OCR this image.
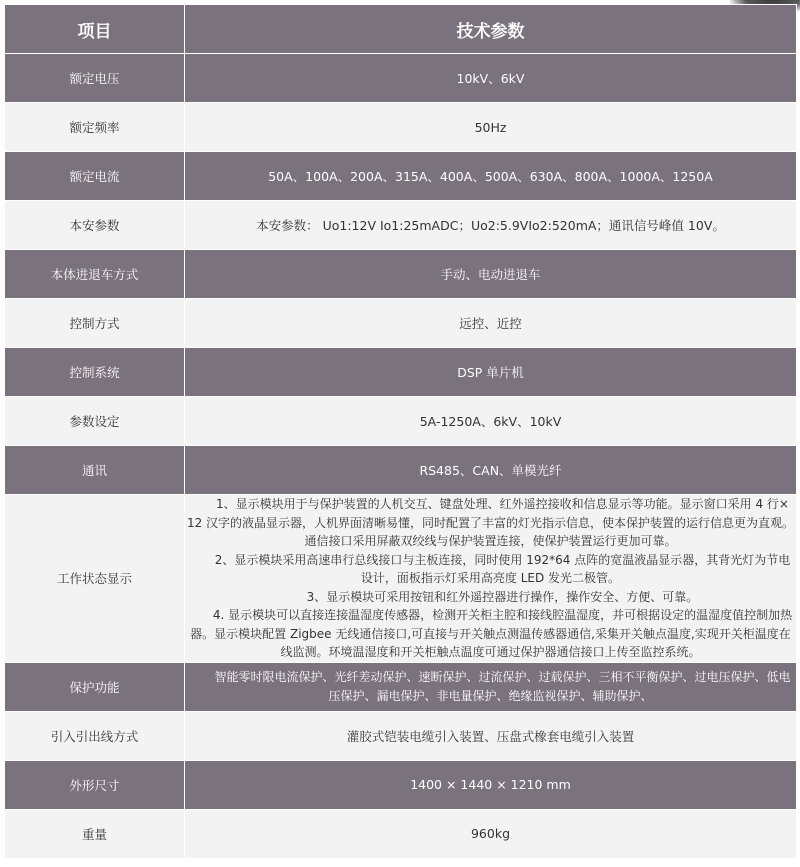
项目	技术参数
额定电压	10kV、6kV
额定频率	50Hz
额定电流	50A、100A、200A、315A、400A、500A、630A、800A、1000A、1250A
本安参数	本安参数： Uo1:12V Io1:25mADC；Uo2:5.9VIo2:520mA；通讯信号峰值 10V。
本体进退车方式	手动、电动进退车
控制方式	远控、近控
控制系统	DSP 单片机
参数设定	5A-1250A、6kV、10kV
通讯	RS485、CAN、单模光纤
工作状态显示	1、显示模块用于与保护装置的人机交互、键盘处理、红外遥控接收和信息显示等功能。显示窗口采用 4 行× 12 汉字的液晶显示器，人机界面清晰易懂，同时配置了丰富的灯光指示信息，使本保护装置的运行信息更为直观。通信接口采用屏蔽双绞线与保护装置连接，使保护装置运行更加可靠。

2、显示模块采用高速串行总线接口与主板连接，同时使用 192*64 点阵的宽温液晶显示器，其背光灯为节电设计，面板指示灯采用高亮度 LED 发光二极管。

3、显示模块可采用按钮和红外遥控器进行操作，操作安全、方便、可靠。

4. 显示模块可以直接连接温湿度传感器，检测开关柜主腔和接线腔温湿度，并可根据设定的温湿度值控制加热器。显示模块配置 Zigbee 无线通信接口,可直接与开关触点测温传感器通信,采集开关触点温度,实现开关柜温度在线监测。环境温湿度和开关柜触点温度可通过保护器通信接口上传至监控系统。

保护功能	智能零时限电流保护、光纤差动保护、速断保护、过流保护、过载保护、三相不平衡保护、过电压保护、低电压保护、漏电保护、非电量保护、绝缘监视保护、辅助保护、

引入引出线方式	灌胶式铠装电缆引入装置、压盘式橡套电缆引入装置
外形尺寸	1400 × 1440 × 1210 mm
重量	960kg
